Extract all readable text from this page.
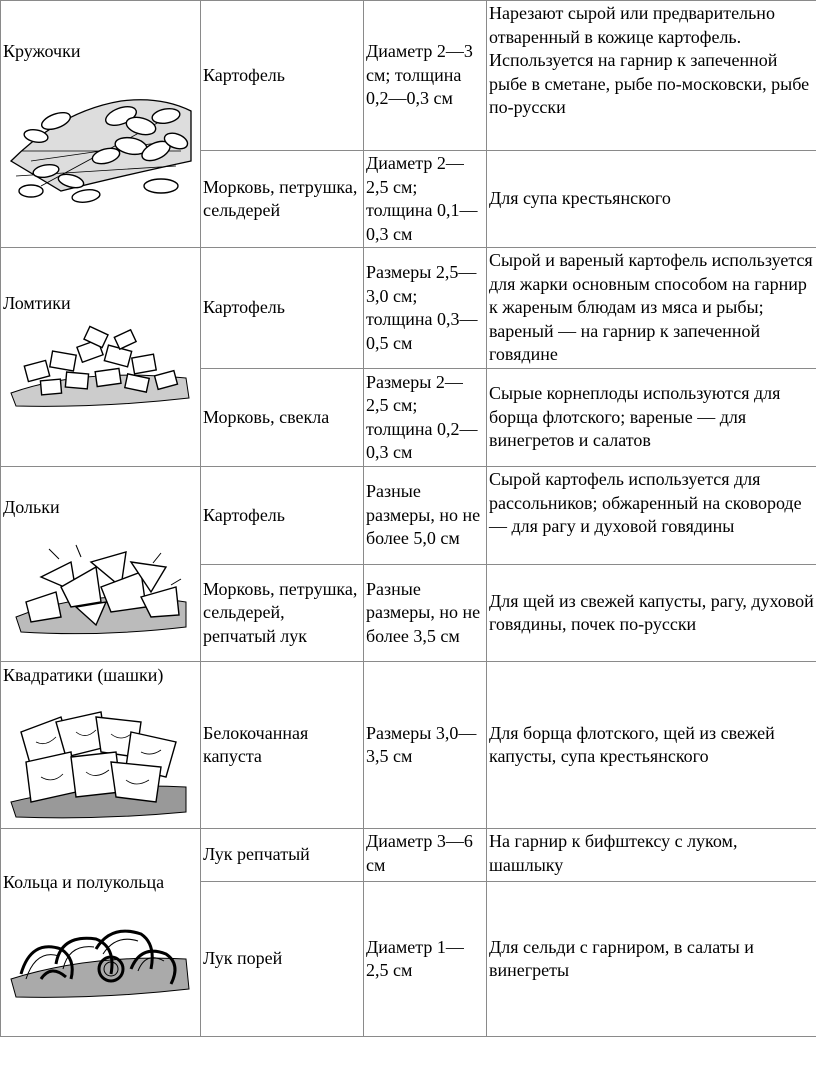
Кружочки	Картофель	Диаметр 2—3 см; толщина 0,2—0,3 см	Нарезают сырой или предварительно отваренный в кожице картофель. Используется на гарнир к запеченной рыбе в сметане, рыбе по-московски, рыбе по-русски
	Морковь, петрушка, сельдерей	Диаметр 2—2,5 см; толщина 0,1—0,3 см	Для супа крестьянского

Ломтики	Картофель	Размеры 2,5—3,0 см; толщина 0,3—0,5 см	Сырой и вареный картофель используется для жарки основным способом на гарнир к жареным блюдам из мяса и рыбы; вареный — на гарнир к запеченной говядине
	Морковь, свекла	Размеры 2—2,5 см; толщина 0,2—0,3 см	Сырые корнеплоды используются для борща флотского; вареные — для винегретов и салатов

Дольки	Картофель	Разные размеры, но не более 5,0 см	Сырой картофель используется для рассольников; обжаренный на сковороде — для рагу и духовой говядины
	Морковь, петрушка, сельдерей, репчатый лук	Разные размеры, но не более 3,5 см	Для щей из свежей капусты, рагу, духовой говядины, почек по-русски

Квадратики (шашки)	Белокочанная капуста	Размеры 3,0—3,5 см	Для борща флотского, щей из свежей капусты, супа крестьянского

Кольца и полукольца	Лук репчатый	Диаметр 3—6 см	На гарнир к бифштексу с луком, шашлыку
	Лук порей	Диаметр 1—2,5 см	Для сельди с гарниром, в салаты и винегреты
